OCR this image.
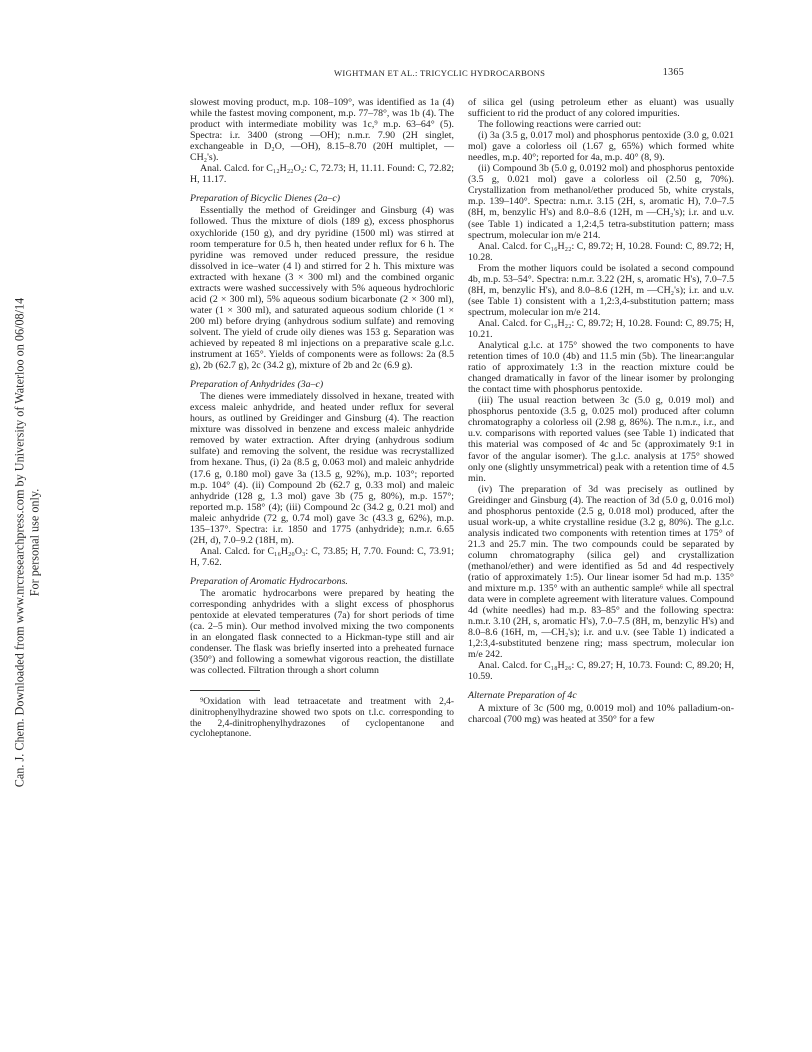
WIGHTMAN ET AL.: TRICYCLIC HYDROCARBONS	1365
Can. J. Chem. Downloaded from www.nrcresearchpress.com by University of Waterloo on 06/08/14 For personal use only.

slowest moving product, m.p. 108–109°, was identified as 1a (4) while the fastest moving component, m.p. 77–78°, was 1b (4). The product with intermediate mobility was 1c,⁹ m.p. 63–64° (5). Spectra: i.r. 3400 (strong —OH); n.m.r. 7.90 (2H singlet, exchangeable in D₂O, —OH), 8.15–8.70 (20H multiplet, —CH₂'s).

Anal. Calcd. for C₁₂H₂₂O₂: C, 72.73; H, 11.11. Found: C, 72.82; H, 11.17.

Preparation of Bicyclic Dienes (2a–c)

Essentially the method of Greidinger and Ginsburg (4) was followed. Thus the mixture of diols (189 g), excess phosphorus oxychloride (150 g), and dry pyridine (1500 ml) was stirred at room temperature for 0.5 h, then heated under reflux for 6 h. The pyridine was removed under reduced pressure, the residue dissolved in ice–water (4 l) and stirred for 2 h. This mixture was extracted with hexane (3 × 300 ml) and the combined organic extracts were washed successively with 5% aqueous hydrochloric acid (2 × 300 ml), 5% aqueous sodium bicarbonate (2 × 300 ml), water (1 × 300 ml), and saturated aqueous sodium chloride (1 × 200 ml) before drying (anhydrous sodium sulfate) and removing solvent. The yield of crude oily dienes was 153 g. Separation was achieved by repeated 8 ml injections on a preparative scale g.l.c. instrument at 165°. Yields of components were as follows: 2a (8.5 g), 2b (62.7 g), 2c (34.2 g), mixture of 2b and 2c (6.9 g).

Preparation of Anhydrides (3a–c)

The dienes were immediately dissolved in hexane, treated with excess maleic anhydride, and heated under reflux for several hours, as outlined by Greidinger and Ginsburg (4). The reaction mixture was dissolved in benzene and excess maleic anhydride removed by water extraction. After drying (anhydrous sodium sulfate) and removing the solvent, the residue was recrystallized from hexane. Thus, (i) 2a (8.5 g, 0.063 mol) and maleic anhydride (17.6 g, 0.180 mol) gave 3a (13.5 g, 92%), m.p. 103°; reported m.p. 104° (4). (ii) Compound 2b (62.7 g, 0.33 mol) and maleic anhydride (128 g, 1.3 mol) gave 3b (75 g, 80%), m.p. 157°; reported m.p. 158° (4); (iii) Compound 2c (34.2 g, 0.21 mol) and maleic anhydride (72 g, 0.74 mol) gave 3c (43.3 g, 62%), m.p. 135–137°. Spectra: i.r. 1850 and 1775 (anhydride); n.m.r. 6.65 (2H, d), 7.0–9.2 (18H, m).

Anal. Calcd. for C₁₆H₂₀O₃: C, 73.85; H, 7.70. Found: C, 73.91; H, 7.62.

Preparation of Aromatic Hydrocarbons.

The aromatic hydrocarbons were prepared by heating the corresponding anhydrides with a slight excess of phosphorus pentoxide at elevated temperatures (7a) for short periods of time (ca. 2–5 min). Our method involved mixing the two components in an elongated flask connected to a Hickman-type still and air condenser. The flask was briefly inserted into a preheated furnace (350°) and following a somewhat vigorous reaction, the distillate was collected. Filtration through a short column

⁹Oxidation with lead tetraacetate and treatment with 2,4-dinitrophenylhydrazine showed two spots on t.l.c. corresponding to the 2,4-dinitrophenylhydrazones of cyclopentanone and cycloheptanone.

of silica gel (using petroleum ether as eluant) was usually sufficient to rid the product of any colored impurities.

The following reactions were carried out:

(i) 3a (3.5 g, 0.017 mol) and phosphorus pentoxide (3.0 g, 0.021 mol) gave a colorless oil (1.67 g, 65%) which formed white needles, m.p. 40°; reported for 4a, m.p. 40° (8, 9).

(ii) Compound 3b (5.0 g, 0.0192 mol) and phosphorus pentoxide (3.5 g, 0.021 mol) gave a colorless oil (2.50 g, 70%). Crystallization from methanol/ether produced 5b, white crystals, m.p. 139–140°. Spectra: n.m.r. 3.15 (2H, s, aromatic H), 7.0–7.5 (8H, m, benzylic H's) and 8.0–8.6 (12H, m —CH₂'s); i.r. and u.v. (see Table 1) indicated a 1,2:4,5 tetra-substitution pattern; mass spectrum, molecular ion m/e 214.

Anal. Calcd. for C₁₆H₂₂: C, 89.72; H, 10.28. Found: C, 89.72; H, 10.28.

From the mother liquors could be isolated a second compound 4b, m.p. 53–54°. Spectra: n.m.r. 3.22 (2H, s, aromatic H's), 7.0–7.5 (8H, m, benzylic H's), and 8.0–8.6 (12H, m —CH₂'s); i.r. and u.v. (see Table 1) consistent with a 1,2:3,4-substitution pattern; mass spectrum, molecular ion m/e 214.

Anal. Calcd. for C₁₆H₂₂: C, 89.72; H, 10.28. Found: C, 89.75; H, 10.21.

Analytical g.l.c. at 175° showed the two components to have retention times of 10.0 (4b) and 11.5 min (5b). The linear:angular ratio of approximately 1:3 in the reaction mixture could be changed dramatically in favor of the linear isomer by prolonging the contact time with phosphorus pentoxide.

(iii) The usual reaction between 3c (5.0 g, 0.019 mol) and phosphorus pentoxide (3.5 g, 0.025 mol) produced after column chromatography a colorless oil (2.98 g, 86%). The n.m.r., i.r., and u.v. comparisons with reported values (see Table 1) indicated that this material was composed of 4c and 5c (approximately 9:1 in favor of the angular isomer). The g.l.c. analysis at 175° showed only one (slightly unsymmetrical) peak with a retention time of 4.5 min.

(iv) The preparation of 3d was precisely as outlined by Greidinger and Ginsburg (4). The reaction of 3d (5.0 g, 0.016 mol) and phosphorus pentoxide (2.5 g, 0.018 mol) produced, after the usual work-up, a white crystalline residue (3.2 g, 80%). The g.l.c. analysis indicated two components with retention times at 175° of 21.3 and 25.7 min. The two compounds could be separated by column chromatography (silica gel) and crystallization (methanol/ether) and were identified as 5d and 4d respectively (ratio of approximately 1:5). Our linear isomer 5d had m.p. 135° and mixture m.p. 135° with an authentic sample⁶ while all spectral data were in complete agreement with literature values. Compound 4d (white needles) had m.p. 83–85° and the following spectra: n.m.r. 3.10 (2H, s, aromatic H's), 7.0–7.5 (8H, m, benzylic H's) and 8.0–8.6 (16H, m, —CH₂'s); i.r. and u.v. (see Table 1) indicated a 1,2:3,4-substituted benzene ring; mass spectrum, molecular ion m/e 242.

Anal. Calcd. for C₁₈H₂₆: C, 89.27; H, 10.73. Found: C, 89.20; H, 10.59.

Alternate Preparation of 4c

A mixture of 3c (500 mg, 0.0019 mol) and 10% palladium-on-charcoal (700 mg) was heated at 350° for a few
